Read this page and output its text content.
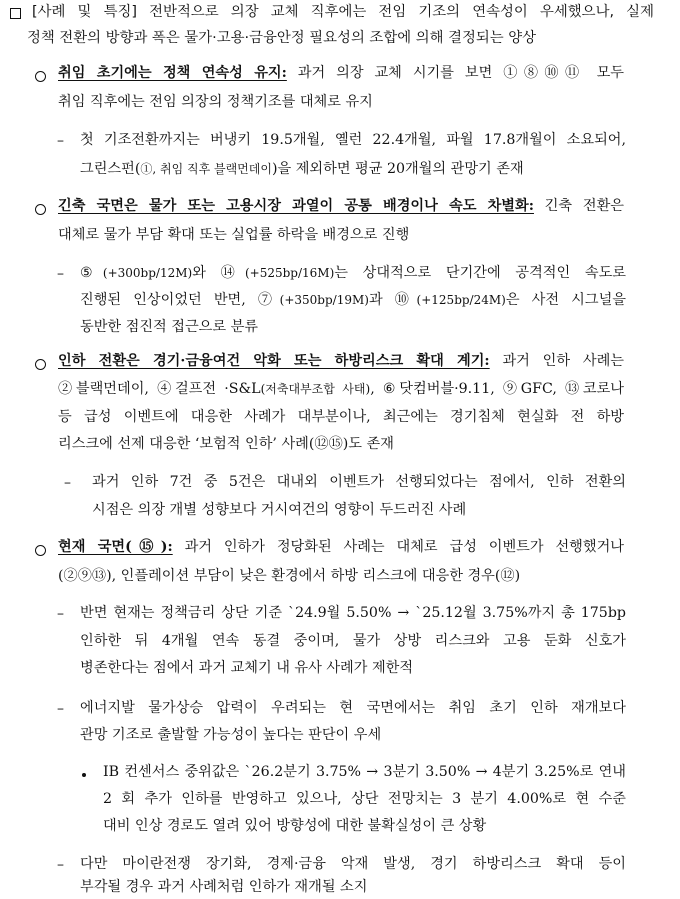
[사례 및 특징] 전반적으로 의장 교체 직후에는 전임 기조의 연속성이 우세했으나, 실제
정책 전환의 방향과 폭은 물가·고용·금융안정 필요성의 조합에 의해 결정되는 양상
취임 초기에는 정책 연속성 유지: 과거 의장 교체 시기를 보면 ①⑧⑩⑪ 모두
취임 직후에는 전임 의장의 정책기조를 대체로 유지
– 첫 기조전환까지는 버냉키 19.5개월, 옐런 22.4개월, 파월 17.8개월이 소요되어,
그린스펀(①, 취임 직후 블랙먼데이)을 제외하면 평균 20개월의 관망기 존재
긴축 국면은 물가 또는 고용시장 과열이 공통 배경이나 속도 차별화: 긴축 전환은
대체로 물가 부담 확대 또는 실업률 하락을 배경으로 진행
– ⑤(+300bp/12M)와 ⑭(+525bp/16M)는 상대적으로 단기간에 공격적인 속도로
진행된 인상이었던 반면, ⑦(+350bp/19M)과 ⑩(+125bp/24M)은 사전 시그널을
동반한 점진적 접근으로 분류
인하 전환은 경기·금융여건 악화 또는 하방리스크 확대 계기: 과거 인하 사례는
②블랙먼데이, ④걸프전 ·S&L(저축대부조합 사태), ⑥닷컴버블·9.11, ⑨GFC, ⑬코로나
등 급성 이벤트에 대응한 사례가 대부분이나, 최근에는 경기침체 현실화 전 하방
리스크에 선제 대응한 ‘보험적 인하’ 사례(⑫⑮)도 존재
– 과거 인하 7건 중 5건은 대내외 이벤트가 선행되었다는 점에서, 인하 전환의
시점은 의장 개별 성향보다 거시여건의 영향이 두드러진 사례
현재 국면(⑮): 과거 인하가 정당화된 사례는 대체로 급성 이벤트가 선행했거나
(②⑨⑬), 인플레이션 부담이 낮은 환경에서 하방 리스크에 대응한 경우(⑫)
– 반면 현재는 정책금리 상단 기준 `24.9월 5.50% → `25.12월 3.75%까지 총 175bp
인하한 뒤 4개월 연속 동결 중이며, 물가 상방 리스크와 고용 둔화 신호가
병존한다는 점에서 과거 교체기 내 유사 사례가 제한적
– 에너지발 물가상승 압력이 우려되는 현 국면에서는 취임 초기 인하 재개보다
관망 기조로 출발할 가능성이 높다는 판단이 우세
IB 컨센서스 중위값은 `26.2분기 3.75% → 3분기 3.50% → 4분기 3.25%로 연내
2 회 추가 인하를 반영하고 있으나, 상단 전망치는 3 분기 4.00%로 현 수준
대비 인상 경로도 열려 있어 방향성에 대한 불확실성이 큰 상황
– 다만 마이란전쟁 장기화, 경제·금융 악재 발생, 경기 하방리스크 확대 등이
부각될 경우 과거 사례처럼 인하가 재개될 소지
